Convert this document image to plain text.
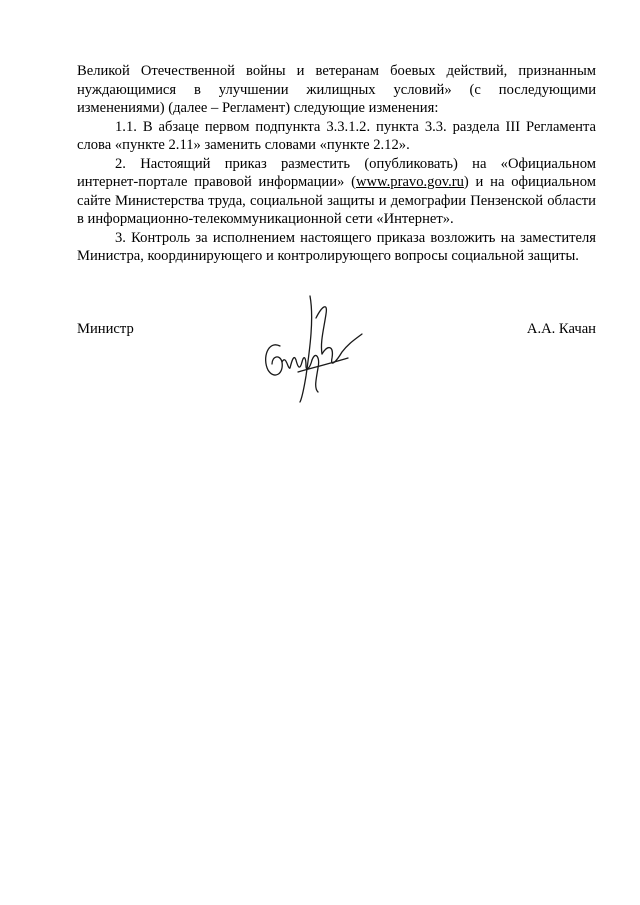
Великой Отечественной войны и ветеранам боевых действий, признанным нуждающимися в улучшении жилищных условий» (с последующими изменениями) (далее – Регламент) следующие изменения:

1.1. В абзаце первом подпункта 3.3.1.2. пункта 3.3. раздела III Регламента слова «пункте 2.11» заменить словами «пункте 2.12».

2. Настоящий приказ разместить (опубликовать) на «Официальном интернет-портале правовой информации» (www.pravo.gov.ru) и на официальном сайте Министерства труда, социальной защиты и демографии Пензенской области в информационно-телекоммуникационной сети «Интернет».

3. Контроль за исполнением настоящего приказа возложить на заместителя Министра, координирующего и контролирующего вопросы социальной защиты.

Министр	А.А. Качан
